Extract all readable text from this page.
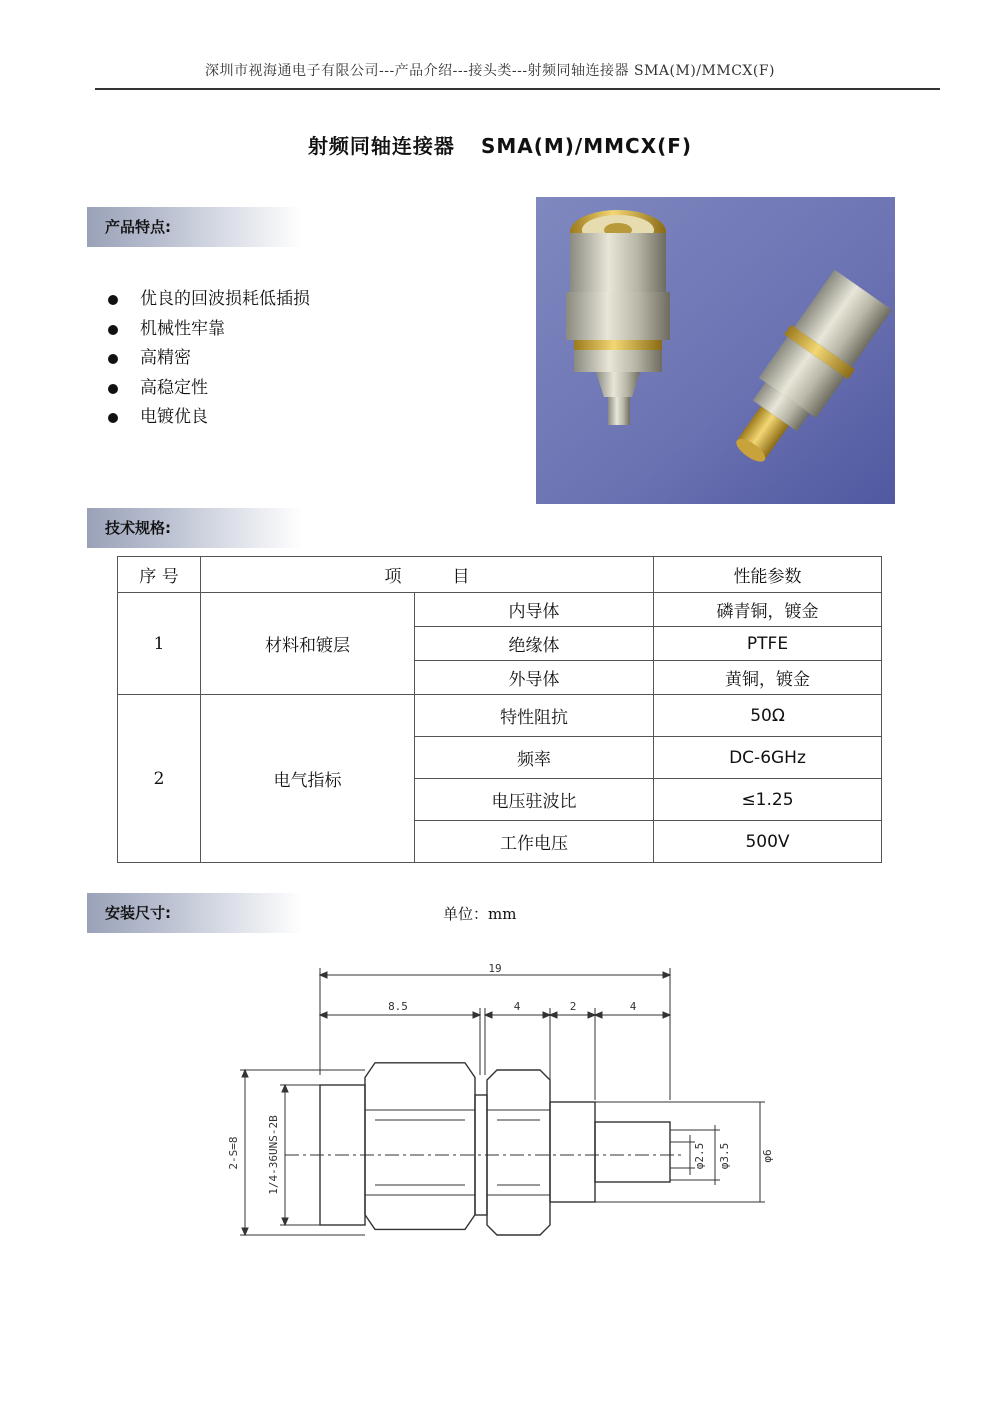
深圳市视海通电子有限公司---产品介绍---接头类---射频同轴连接器 SMA(M)/MMCX(F)
射频同轴连接器 SMA(M)/MMCX(F)
产品特点:
优良的回波损耗低插损
机械性牢靠
高精密
高稳定性
电镀优良
技术规格:
序 号	项　　　目		性能参数
1	材料和镀层	内导体	磷青铜，镀金
		绝缘体	PTFE
		外导体	黄铜，镀金
2	电气指标	特性阻抗	50Ω
		频率	DC-6GHz
		电压驻波比	≤1.25
		工作电压	500V
安装尺寸:	单位：mm
19
8.5	4	2	4
φ2.5 φ3.5	φ6
2-S=8 1/4-36UNS-2B
